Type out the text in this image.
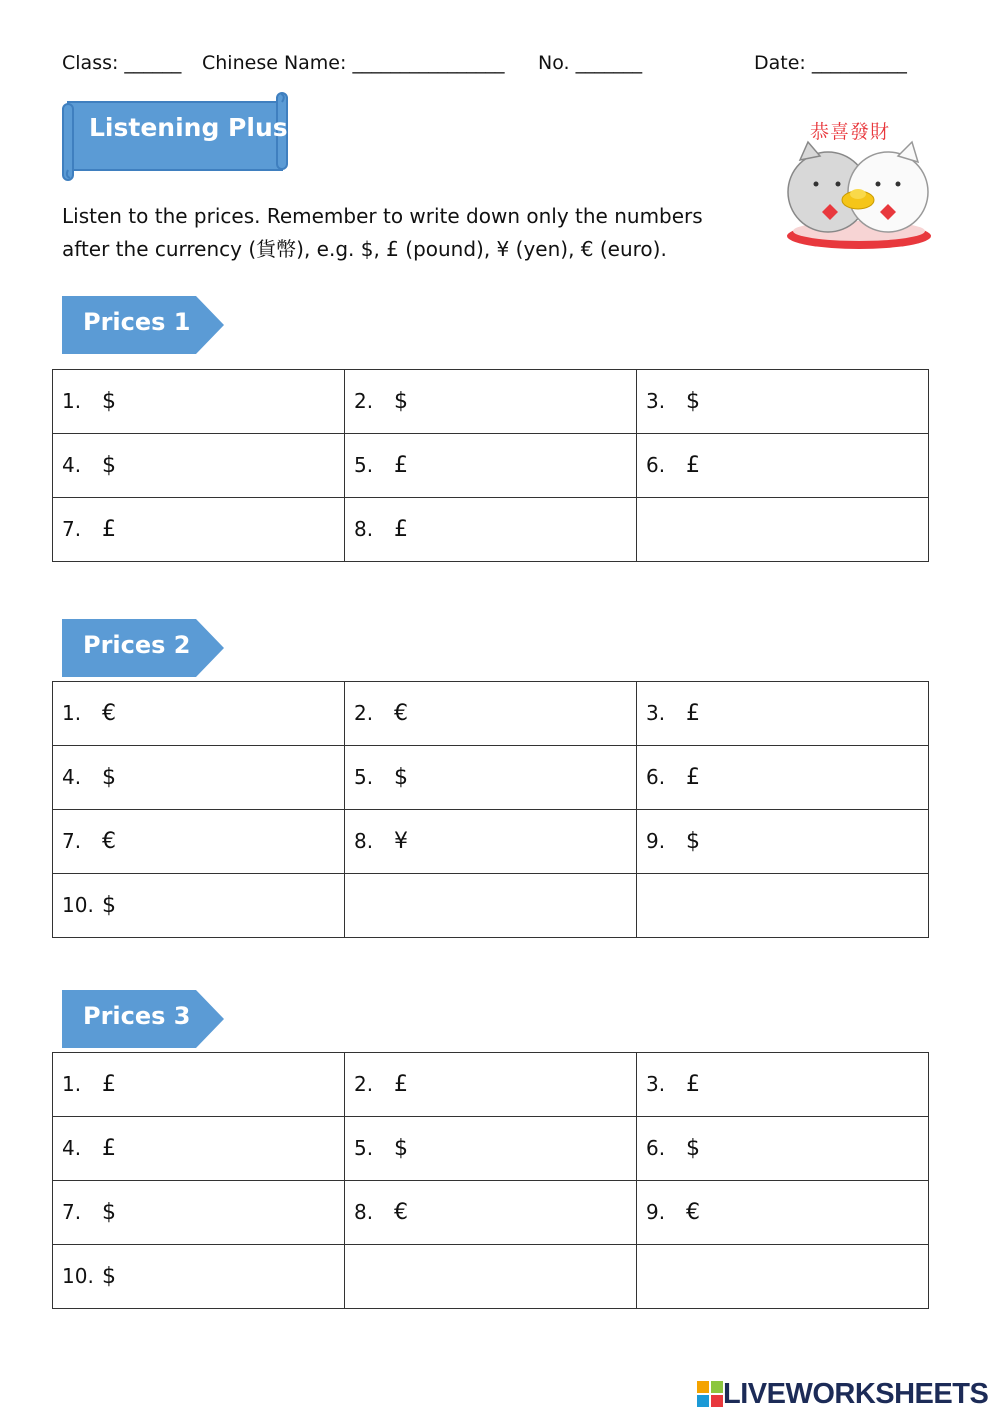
Class: ______ Chinese Name: ________________ No. _______	Date: __________
Listening Plus	恭喜發財

Listen to the prices. Remember to write down only the numbers

after the currency (貨幣), e.g. $, £ (pound), ¥ (yen), € (euro).

Prices 1
1. $	2. $	3. $
4. $	5. £	6. £
7. £	8. £	
Prices 2
1. €	2. €	3. £
4. $	5. $	6. £
7. €	8. ¥	9. $
10. $		
Prices 3
1. £	2. £	3. £
4. £	5. $	6. $
7. $	8. €	9. €
10. $		
LIVEWORKSHEETS
